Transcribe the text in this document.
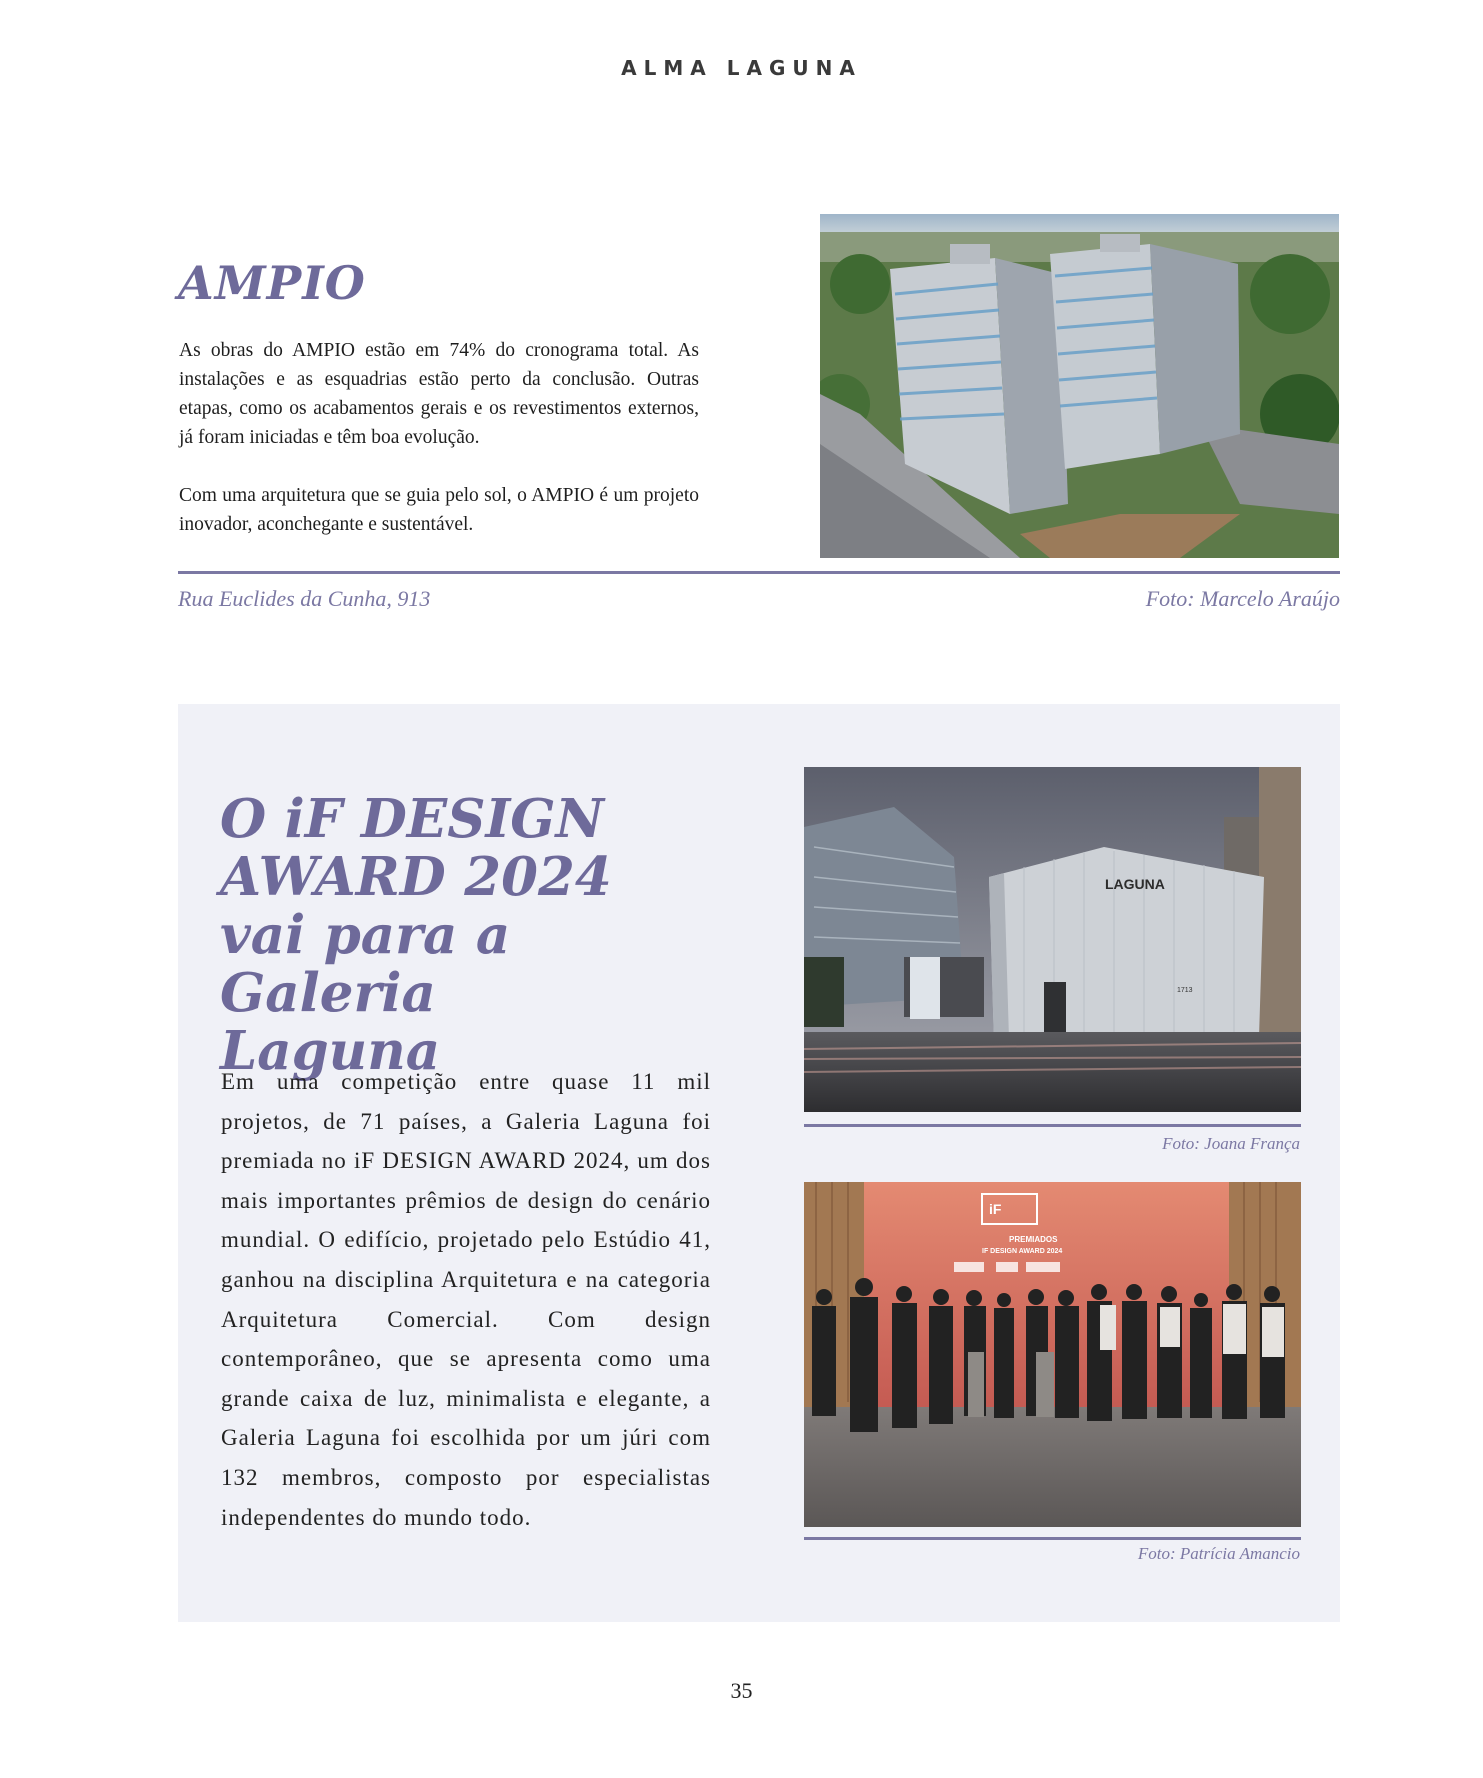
ALMA LAGUNA
AMPIO

As obras do AMPIO estão em 74% do cronograma total. As instalações e as esquadrias estão perto da conclusão. Outras etapas, como os acabamentos gerais e os revestimentos externos, já foram iniciadas e têm boa evolução.

Com uma arquitetura que se guia pelo sol, o AMPIO é um projeto inovador, aconchegante e sustentável.

Rua Euclides da Cunha, 913	Foto: Marcelo Araújo
O iF DESIGN
AWARD 2024
vai para a
Galeria Laguna
Em uma competição entre quase 11 mil projetos, de 71 países, a Galeria Laguna foi premiada no iF DESIGN AWARD 2024, um dos mais importantes prêmios de design do cenário mundial. O edifício, projetado pelo Estúdio 41, ganhou na disciplina Arquitetura e na categoria Arquitetura Comercial. Com design contemporâneo, que se apresenta como uma grande caixa de luz, minimalista e elegante, a Galeria Laguna foi escolhida por um júri com 132 membros, composto por especialistas independentes do mundo todo.
LAGUNA
1713
Foto: Joana França
iF
PREMIADOS
IF DESIGN AWARD 2024
Foto: Patrícia Amancio
35
